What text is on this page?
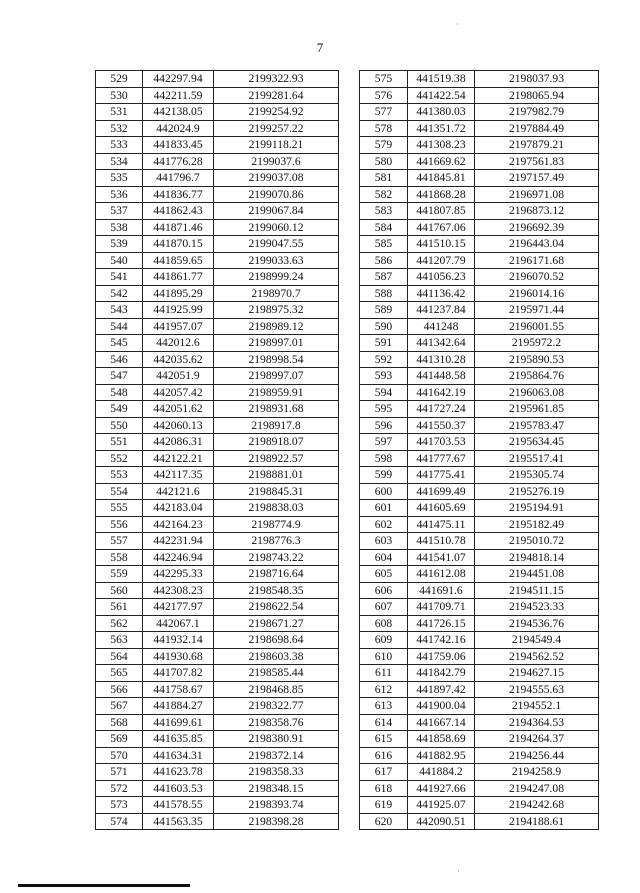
7
529	442297.94	2199322.93
530	442211.59	2199281.64
531	442138.05	2199254.92
532	442024.9	2199257.22
533	441833.45	2199118.21
534	441776.28	2199037.6
535	441796.7	2199037.08
536	441836.77	2199070.86
537	441862.43	2199067.84
538	441871.46	2199060.12
539	441870.15	2199047.55
540	441859.65	2199033.63
541	441861.77	2198999.24
542	441895.29	2198970.7
543	441925.99	2198975.32
544	441957.07	2198989.12
545	442012.6	2198997.01
546	442035.62	2198998.54
547	442051.9	2198997.07
548	442057.42	2198959.91
549	442051.62	2198931.68
550	442060.13	2198917.8
551	442086.31	2198918.07
552	442122.21	2198922.57
553	442117.35	2198881.01
554	442121.6	2198845.31
555	442183.04	2198838.03
556	442164.23	2198774.9
557	442231.94	2198776.3
558	442246.94	2198743.22
559	442295.33	2198716.64
560	442308.23	2198548.35
561	442177.97	2198622.54
562	442067.1	2198671.27
563	441932.14	2198698.64
564	441930.68	2198603.38
565	441707.82	2198585.44
566	441758.67	2198468.85
567	441884.27	2198322.77
568	441699.61	2198358.76
569	441635.85	2198380.91
570	441634.31	2198372.14
571	441623.78	2198358.33
572	441603.53	2198348.15
573	441578.55	2198393.74
574	441563.35	2198398.28
575	441519.38	2198037.93
576	441422.54	2198065.94
577	441380.03	2197982.79
578	441351.72	2197884.49
579	441308.23	2197879.21
580	441669.62	2197561.83
581	441845.81	2197157.49
582	441868.28	2196971.08
583	441807.85	2196873.12
584	441767.06	2196692.39
585	441510.15	2196443.04
586	441207.79	2196171.68
587	441056.23	2196070.52
588	441136.42	2196014.16
589	441237.84	2195971.44
590	441248	2196001.55
591	441342.64	2195972.2
592	441310.28	2195890.53
593	441448.58	2195864.76
594	441642.19	2196063.08
595	441727.24	2195961.85
596	441550.37	2195783.47
597	441703.53	2195634.45
598	441777.67	2195517.41
599	441775.41	2195305.74
600	441699.49	2195276.19
601	441605.69	2195194.91
602	441475.11	2195182.49
603	441510.78	2195010.72
604	441541.07	2194818.14
605	441612.08	2194451.08
606	441691.6	2194511.15
607	441709.71	2194523.33
608	441726.15	2194536.76
609	441742.16	2194549.4
610	441759.06	2194562.52
611	441842.79	2194627.15
612	441897.42	2194555.63
613	441900.04	2194552.1
614	441667.14	2194364.53
615	441858.69	2194264.37
616	441882.95	2194256.44
617	441884.2	2194258.9
618	441927.66	2194247.08
619	441925.07	2194242.68
620	442090.51	2194188.61
